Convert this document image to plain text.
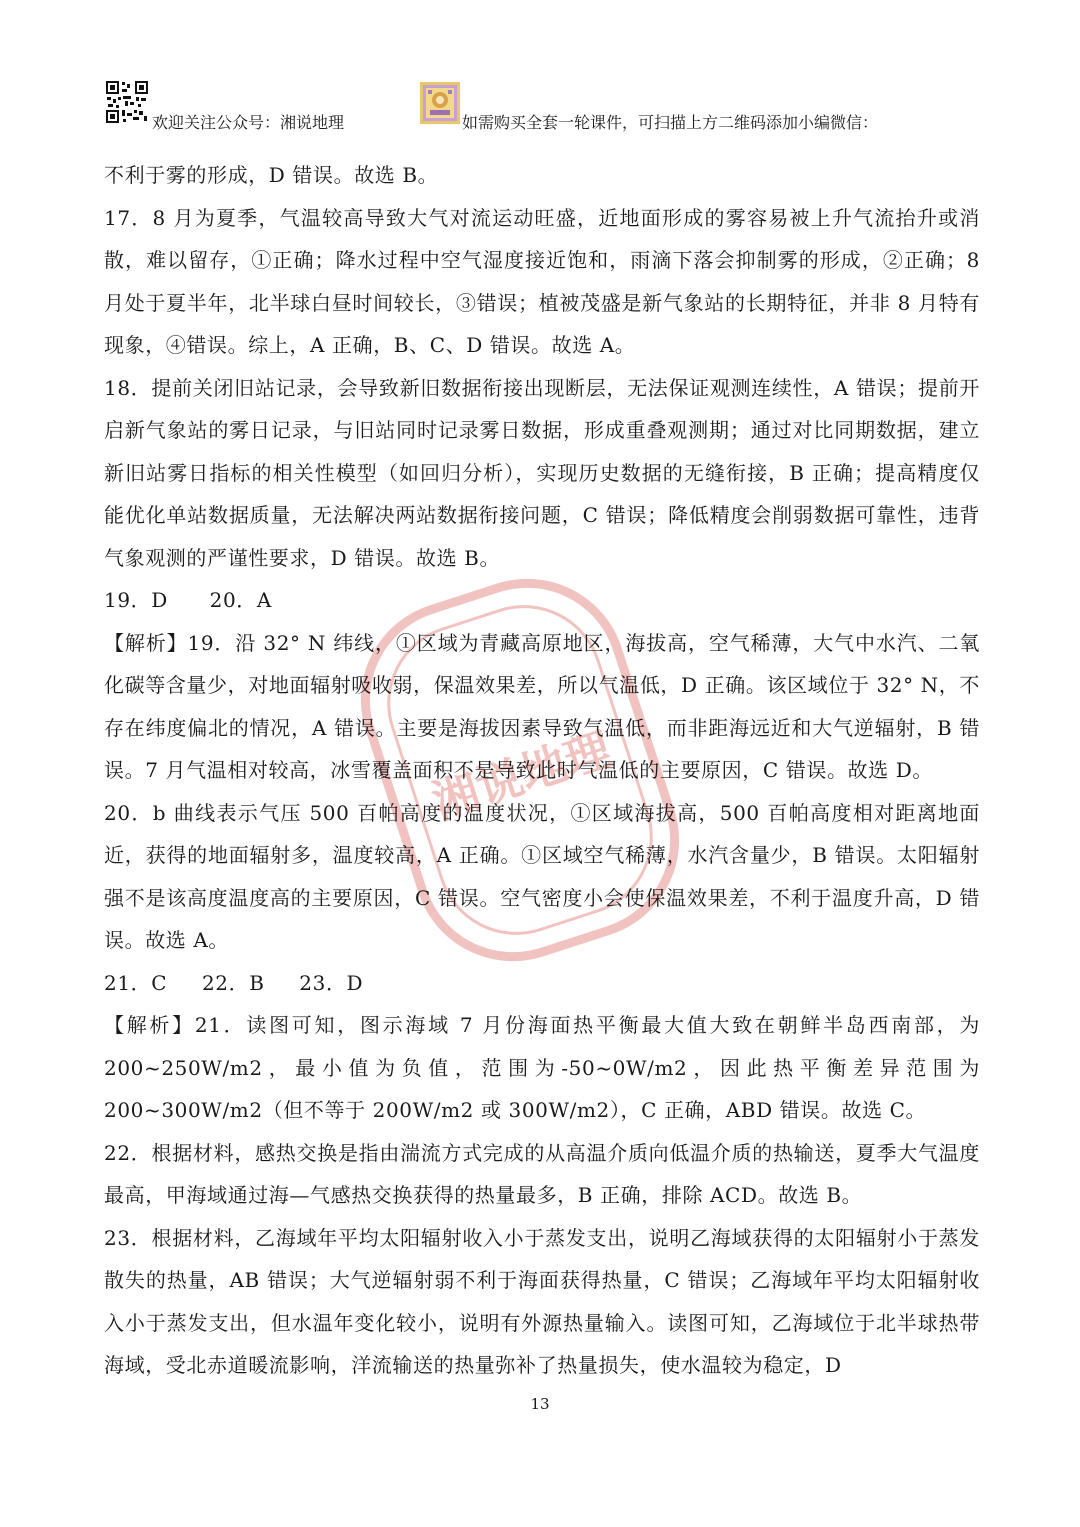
欢迎关注公众号：湘说地理	如需购买全套一轮课件，可扫描上方二维码添加小编微信：
湘说地理

不利于雾的形成，D 错误。故选 B。

17．8 月为夏季，气温较高导致大气对流运动旺盛，近地面形成的雾容易被上升气流抬升或消散，难以留存，①正确；降水过程中空气湿度接近饱和，雨滴下落会抑制雾的形成，②正确；8 月处于夏半年，北半球白昼时间较长，③错误；植被茂盛是新气象站的长期特征，并非 8 月特有现象，④错误。综上，A 正确，B、C、D 错误。故选 A。

18．提前关闭旧站记录，会导致新旧数据衔接出现断层，无法保证观测连续性，A 错误；提前开启新气象站的雾日记录，与旧站同时记录雾日数据，形成重叠观测期；通过对比同期数据，建立新旧站雾日指标的相关性模型（如回归分析），实现历史数据的无缝衔接，B 正确；提高精度仅能优化单站数据质量，无法解决两站数据衔接问题，C 错误；降低精度会削弱数据可靠性，违背气象观测的严谨性要求，D 错误。故选 B。

19．D 20．A

【解析】19．沿 32° N 纬线，①区域为青藏高原地区，海拔高，空气稀薄，大气中水汽、二氧化碳等含量少，对地面辐射吸收弱，保温效果差，所以气温低，D 正确。该区域位于 32° N，不存在纬度偏北的情况，A 错误。主要是海拔因素导致气温低，而非距海远近和大气逆辐射，B 错误。7 月气温相对较高，冰雪覆盖面积不是导致此时气温低的主要原因，C 错误。故选 D。

20．b 曲线表示气压 500 百帕高度的温度状况，①区域海拔高，500 百帕高度相对距离地面近，获得的地面辐射多，温度较高，A 正确。①区域空气稀薄，水汽含量少，B 错误。太阳辐射强不是该高度温度高的主要原因，C 错误。空气密度小会使保温效果差，不利于温度升高，D 错误。故选 A。

21．C 22．B 23．D

【解析】21．读图可知，图示海域 7 月份海面热平衡最大值大致在朝鲜半岛西南部，为 200~250W/m2，最小值为负值，范围为-50~0W/m2，因此热平衡差异范围为 200~300W/m2（但不等于 200W/m2 或 300W/m2），C 正确，ABD 错误。故选 C。

22．根据材料，感热交换是指由湍流方式完成的从高温介质向低温介质的热输送，夏季大气温度最高，甲海域通过海—气感热交换获得的热量最多，B 正确，排除 ACD。故选 B。

23．根据材料，乙海域年平均太阳辐射收入小于蒸发支出，说明乙海域获得的太阳辐射小于蒸发散失的热量，AB 错误；大气逆辐射弱不利于海面获得热量，C 错误；乙海域年平均太阳辐射收入小于蒸发支出，但水温年变化较小，说明有外源热量输入。读图可知，乙海域位于北半球热带海域，受北赤道暖流影响，洋流输送的热量弥补了热量损失，使水温较为稳定，D

13
